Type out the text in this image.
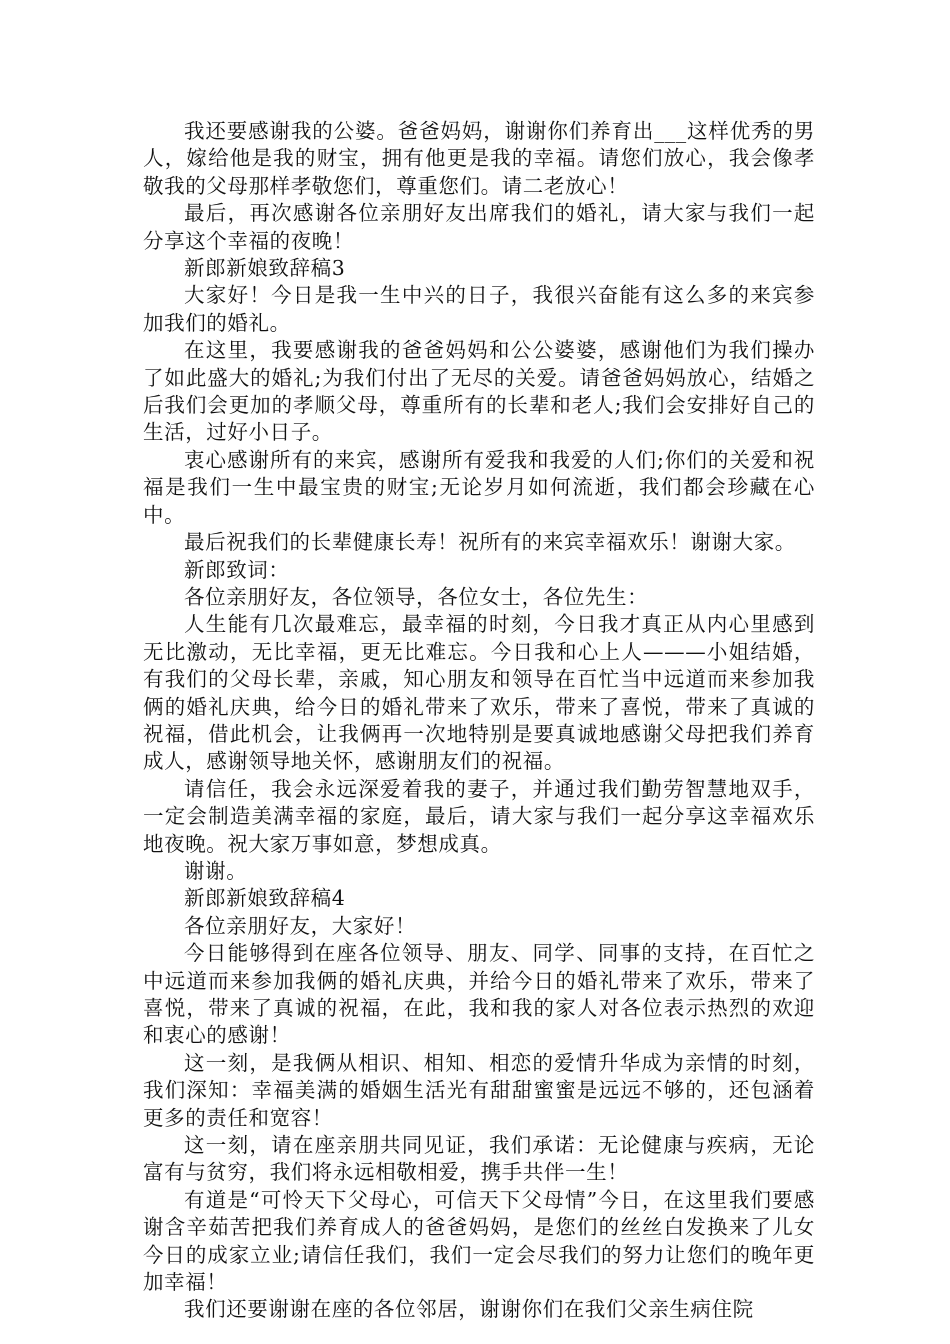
我还要感谢我的公婆。爸爸妈妈，谢谢你们养育出___这样优秀的男人，嫁给他是我的财宝，拥有他更是我的幸福。请您们放心，我会像孝敬我的父母那样孝敬您们，尊重您们。请二老放心！

最后，再次感谢各位亲朋好友出席我们的婚礼，请大家与我们一起分享这个幸福的夜晚！

新郎新娘致辞稿3

大家好！今日是我一生中兴的日子，我很兴奋能有这么多的来宾参加我们的婚礼。

在这里，我要感谢我的爸爸妈妈和公公婆婆，感谢他们为我们操办了如此盛大的婚礼;为我们付出了无尽的关爱。请爸爸妈妈放心，结婚之后我们会更加的孝顺父母，尊重所有的长辈和老人;我们会安排好自己的生活，过好小日子。

衷心感谢所有的来宾，感谢所有爱我和我爱的人们;你们的关爱和祝福是我们一生中最宝贵的财宝;无论岁月如何流逝，我们都会珍藏在心中。

最后祝我们的长辈健康长寿！祝所有的来宾幸福欢乐！谢谢大家。

新郎致词：

各位亲朋好友，各位领导，各位女士，各位先生：

人生能有几次最难忘，最幸福的时刻，今日我才真正从内心里感到无比激动，无比幸福，更无比难忘。今日我和心上人———小姐结婚，有我们的父母长辈，亲戚，知心朋友和领导在百忙当中远道而来参加我俩的婚礼庆典，给今日的婚礼带来了欢乐，带来了喜悦，带来了真诚的祝福，借此机会，让我俩再一次地特别是要真诚地感谢父母把我们养育成人，感谢领导地关怀，感谢朋友们的祝福。

请信任，我会永远深爱着我的妻子，并通过我们勤劳智慧地双手，一定会制造美满幸福的家庭，最后，请大家与我们一起分享这幸福欢乐地夜晚。祝大家万事如意，梦想成真。

谢谢。

新郎新娘致辞稿4

各位亲朋好友，大家好！

今日能够得到在座各位领导、朋友、同学、同事的支持，在百忙之中远道而来参加我俩的婚礼庆典，并给今日的婚礼带来了欢乐，带来了喜悦，带来了真诚的祝福，在此，我和我的家人对各位表示热烈的欢迎和衷心的感谢！

这一刻，是我俩从相识、相知、相恋的爱情升华成为亲情的时刻，我们深知：幸福美满的婚姻生活光有甜甜蜜蜜是远远不够的，还包涵着更多的责任和宽容！

这一刻，请在座亲朋共同见证，我们承诺：无论健康与疾病，无论富有与贫穷，我们将永远相敬相爱，携手共伴一生！

有道是“可怜天下父母心，可信天下父母情”今日，在这里我们要感谢含辛茹苦把我们养育成人的爸爸妈妈，是您们的丝丝白发换来了儿女今日的成家立业;请信任我们，我们一定会尽我们的努力让您们的晚年更加幸福！

我们还要谢谢在座的各位邻居，谢谢你们在我们父亲生病住院
